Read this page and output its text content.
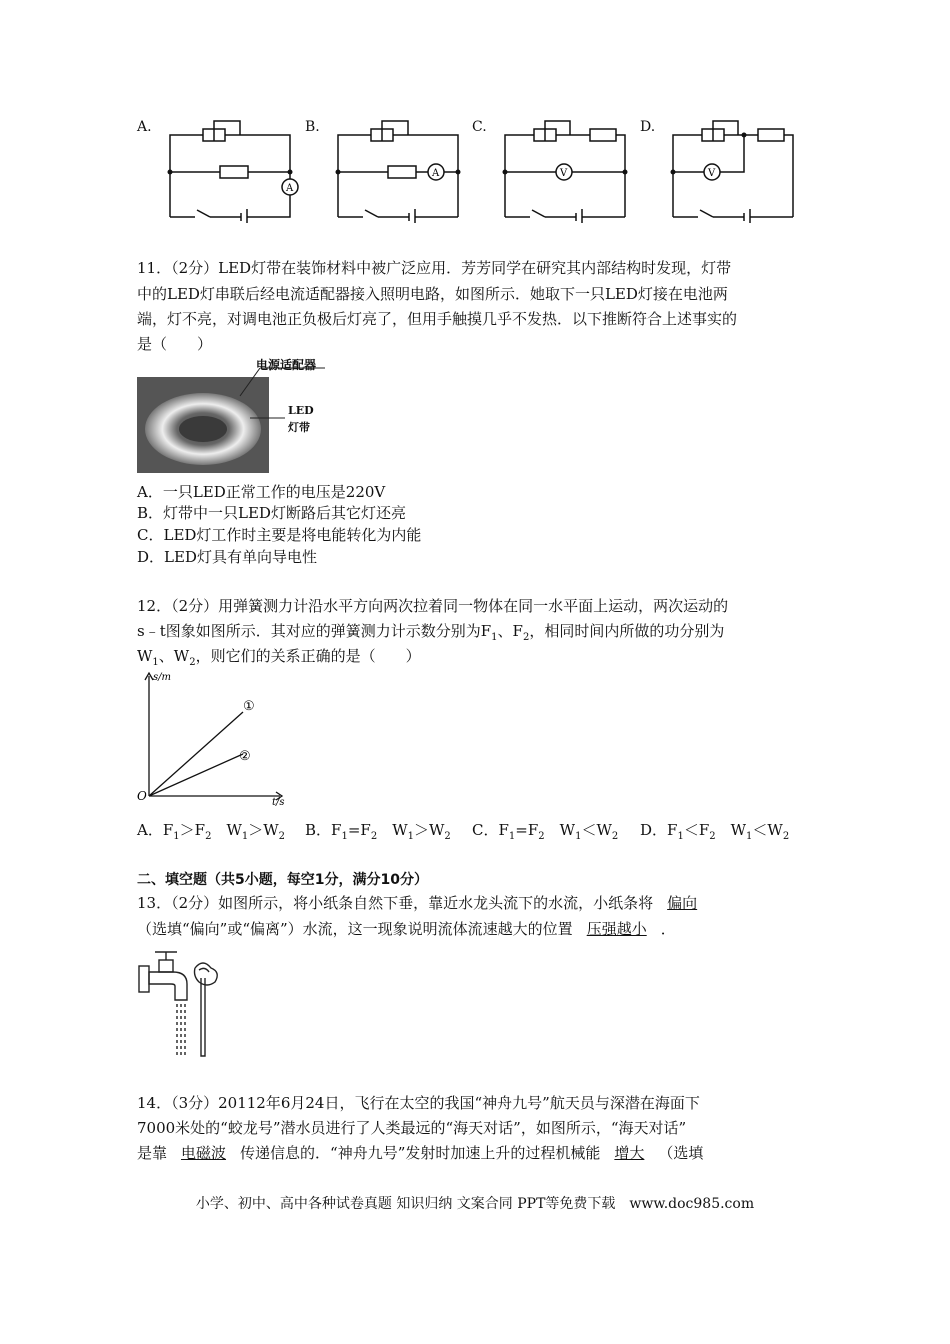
A.	B.	C.	D.
A
A	V	V
11．（2分）LED灯带在装饰材料中被广泛应用．芳芳同学在研究其内部结构时发现，灯带
中的LED灯串联后经电流适配器接入照明电路，如图所示．她取下一只LED灯接在电池两
端，灯不亮，对调电池正负极后灯亮了，但用手触摸几乎不发热．以下推断符合上述事实的
是（　　）
电源适配器
LED
灯带
A．一只LED正常工作的电压是220V
B．灯带中一只LED灯断路后其它灯还亮
C．LED灯工作时主要是将电能转化为内能
D．LED灯具有单向导电性
12．（2分）用弹簧测力计沿水平方向两次拉着同一物体在同一水平面上运动，两次运动的
s﹣t图象如图所示．其对应的弹簧测力计示数分别为$F_1$、$F_2$，相同时间内所做的功分别为
$W_1$、$W_2$，则它们的关系正确的是（　　）
s/m
t/s
O
①
②
A．$F_1>F_2$   $W_1>W_2$ B．$F_1=F_2$   $W_1>W_2$ C．$F_1=F_2$   $W_1<W_2$ D．$F_1<F_2$   $W_1<W_2$
二、填空题（共5小题，每空1分，满分10分）
13．（2分）如图所示，将小纸条自然下垂，靠近水龙头流下的水流，小纸条将 偏向
（选填“偏向”或“偏离”）水流，这一现象说明流体流速越大的位置 压强越小 ．
14．（3分）20112年6月24日，飞行在太空的我国“神舟九号”航天员与深潜在海面下
7000米处的“蛟龙号”潜水员进行了人类最远的“海天对话”，如图所示，“海天对话”
是靠 电磁波 传递信息的．“神舟九号”发射时加速上升的过程机械能 增大 （选填
小学、初中、高中各种试卷真题 知识归纳 文案合同 PPT等免费下载　www.doc985.com
